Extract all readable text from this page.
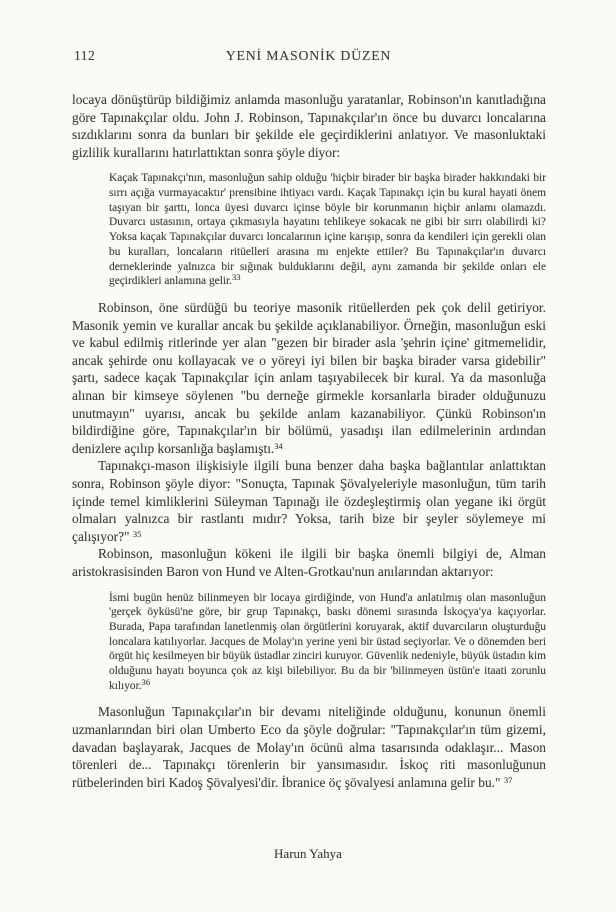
112	YENİ MASONİK DÜZEN

locaya dönüştürüp bildiğimiz anlamda masonluğu yaratanlar, Robinson'ın kanıtladığına göre Tapınakçılar oldu. John J. Robinson, Tapınakçılar'ın önce bu duvarcı loncalarına sızdıklarını sonra da bunları bir şekilde ele geçirdiklerini anlatıyor. Ve masonluktaki gizlilik kurallarını hatırlattıktan sonra şöyle diyor:

Kaçak Tapınakçı'nın, masonluğun sahip olduğu 'hiçbir birader bir başka birader hakkındaki bir sırrı açığa vurmayacaktır' prensibine ihtiyacı vardı. Kaçak Tapınakçı için bu kural hayati önem taşıyan bir şarttı, lonca üyesi duvarcı içinse böyle bir korunmanın hiçbir anlamı olamazdı. Duvarcı ustasının, ortaya çıkmasıyla hayatını tehlikeye sokacak ne gibi bir sırrı olabilirdi ki? Yoksa kaçak Tapınakçılar duvarcı loncalarının içine karışıp, sonra da kendileri için gerekli olan bu kuralları, loncaların ritüelleri arasına mı enjekte ettiler? Bu Tapınakçılar'ın duvarcı derneklerinde yalnızca bir sığınak bulduklarını değil, aynı zamanda bir şekilde onları ele geçirdikleri anlamına gelir.$^{33}$

Robinson, öne sürdüğü bu teoriye masonik ritüellerden pek çok delil getiriyor. Masonik yemin ve kurallar ancak bu şekilde açıklanabiliyor. Örneğin, masonluğun eski ve kabul edilmiş ritlerinde yer alan "gezen bir birader asla 'şehrin içine' gitmemelidir, ancak şehirde onu kollayacak ve o yöreyi iyi bilen bir başka birader varsa gidebilir" şartı, sadece kaçak Tapınakçılar için anlam taşıyabilecek bir kural. Ya da masonluğa alınan bir kimseye söylenen "bu derneğe girmekle korsanlarla birader olduğunuzu unutmayın" uyarısı, ancak bu şekilde anlam kazanabiliyor. Çünkü Robinson'ın bildirdiğine göre, Tapınakçılar'ın bir bölümü, yasadışı ilan edilmelerinin ardından denizlere açılıp korsanlığa başlamıştı.$^{34}$

Tapınakçı-mason ilişkisiyle ilgili buna benzer daha başka bağlantılar anlattıktan sonra, Robinson şöyle diyor: "Sonuçta, Tapınak Şövalyeleriyle masonluğun, tüm tarih içinde temel kimliklerini Süleyman Tapınağı ile özdeşleştirmiş olan yegane iki örgüt olmaları yalnızca bir rastlantı mıdır? Yoksa, tarih bize bir şeyler söylemeye mi çalışıyor?" $^{35}$

Robinson, masonluğun kökeni ile ilgili bir başka önemli bilgiyi de, Alman aristokrasisinden Baron von Hund ve Alten-Grotkau'nun anılarından aktarıyor:

İsmi bugün henüz bilinmeyen bir locaya girdiğinde, von Hund'a anlatılmış olan masonluğun 'gerçek öyküsü'ne göre, bir grup Tapınakçı, baskı dönemi sırasında İskoçya'ya kaçıyorlar. Burada, Papa tarafından lanetlenmiş olan örgütlerini koruyarak, aktif duvarcıların oluşturduğu loncalara katılıyorlar. Jacques de Molay'ın yerine yeni bir üstad seçiyorlar. Ve o dönemden beri örgüt hiç kesilmeyen bir büyük üstadlar zinciri kuruyor. Güvenlik nedeniyle, büyük üstadın kim olduğunu hayatı boyunca çok az kişi bilebiliyor. Bu da bir 'bilinmeyen üstün'e itaati zorunlu kılıyor.$^{36}$

Masonluğun Tapınakçılar'ın bir devamı niteliğinde olduğunu, konunun önemli uzmanlarından biri olan Umberto Eco da şöyle doğrular: "Tapınakçılar'ın tüm gizemi, davadan başlayarak, Jacques de Molay'ın öcünü alma tasarısında odaklaşır... Mason törenleri de... Tapınakçı törenlerin bir yansımasıdır. İskoç riti masonluğunun rütbelerinden biri Kadoş Şövalyesi'dir. İbranice öç şövalyesi anlamına gelir bu." $^{37}$

Harun Yahya
